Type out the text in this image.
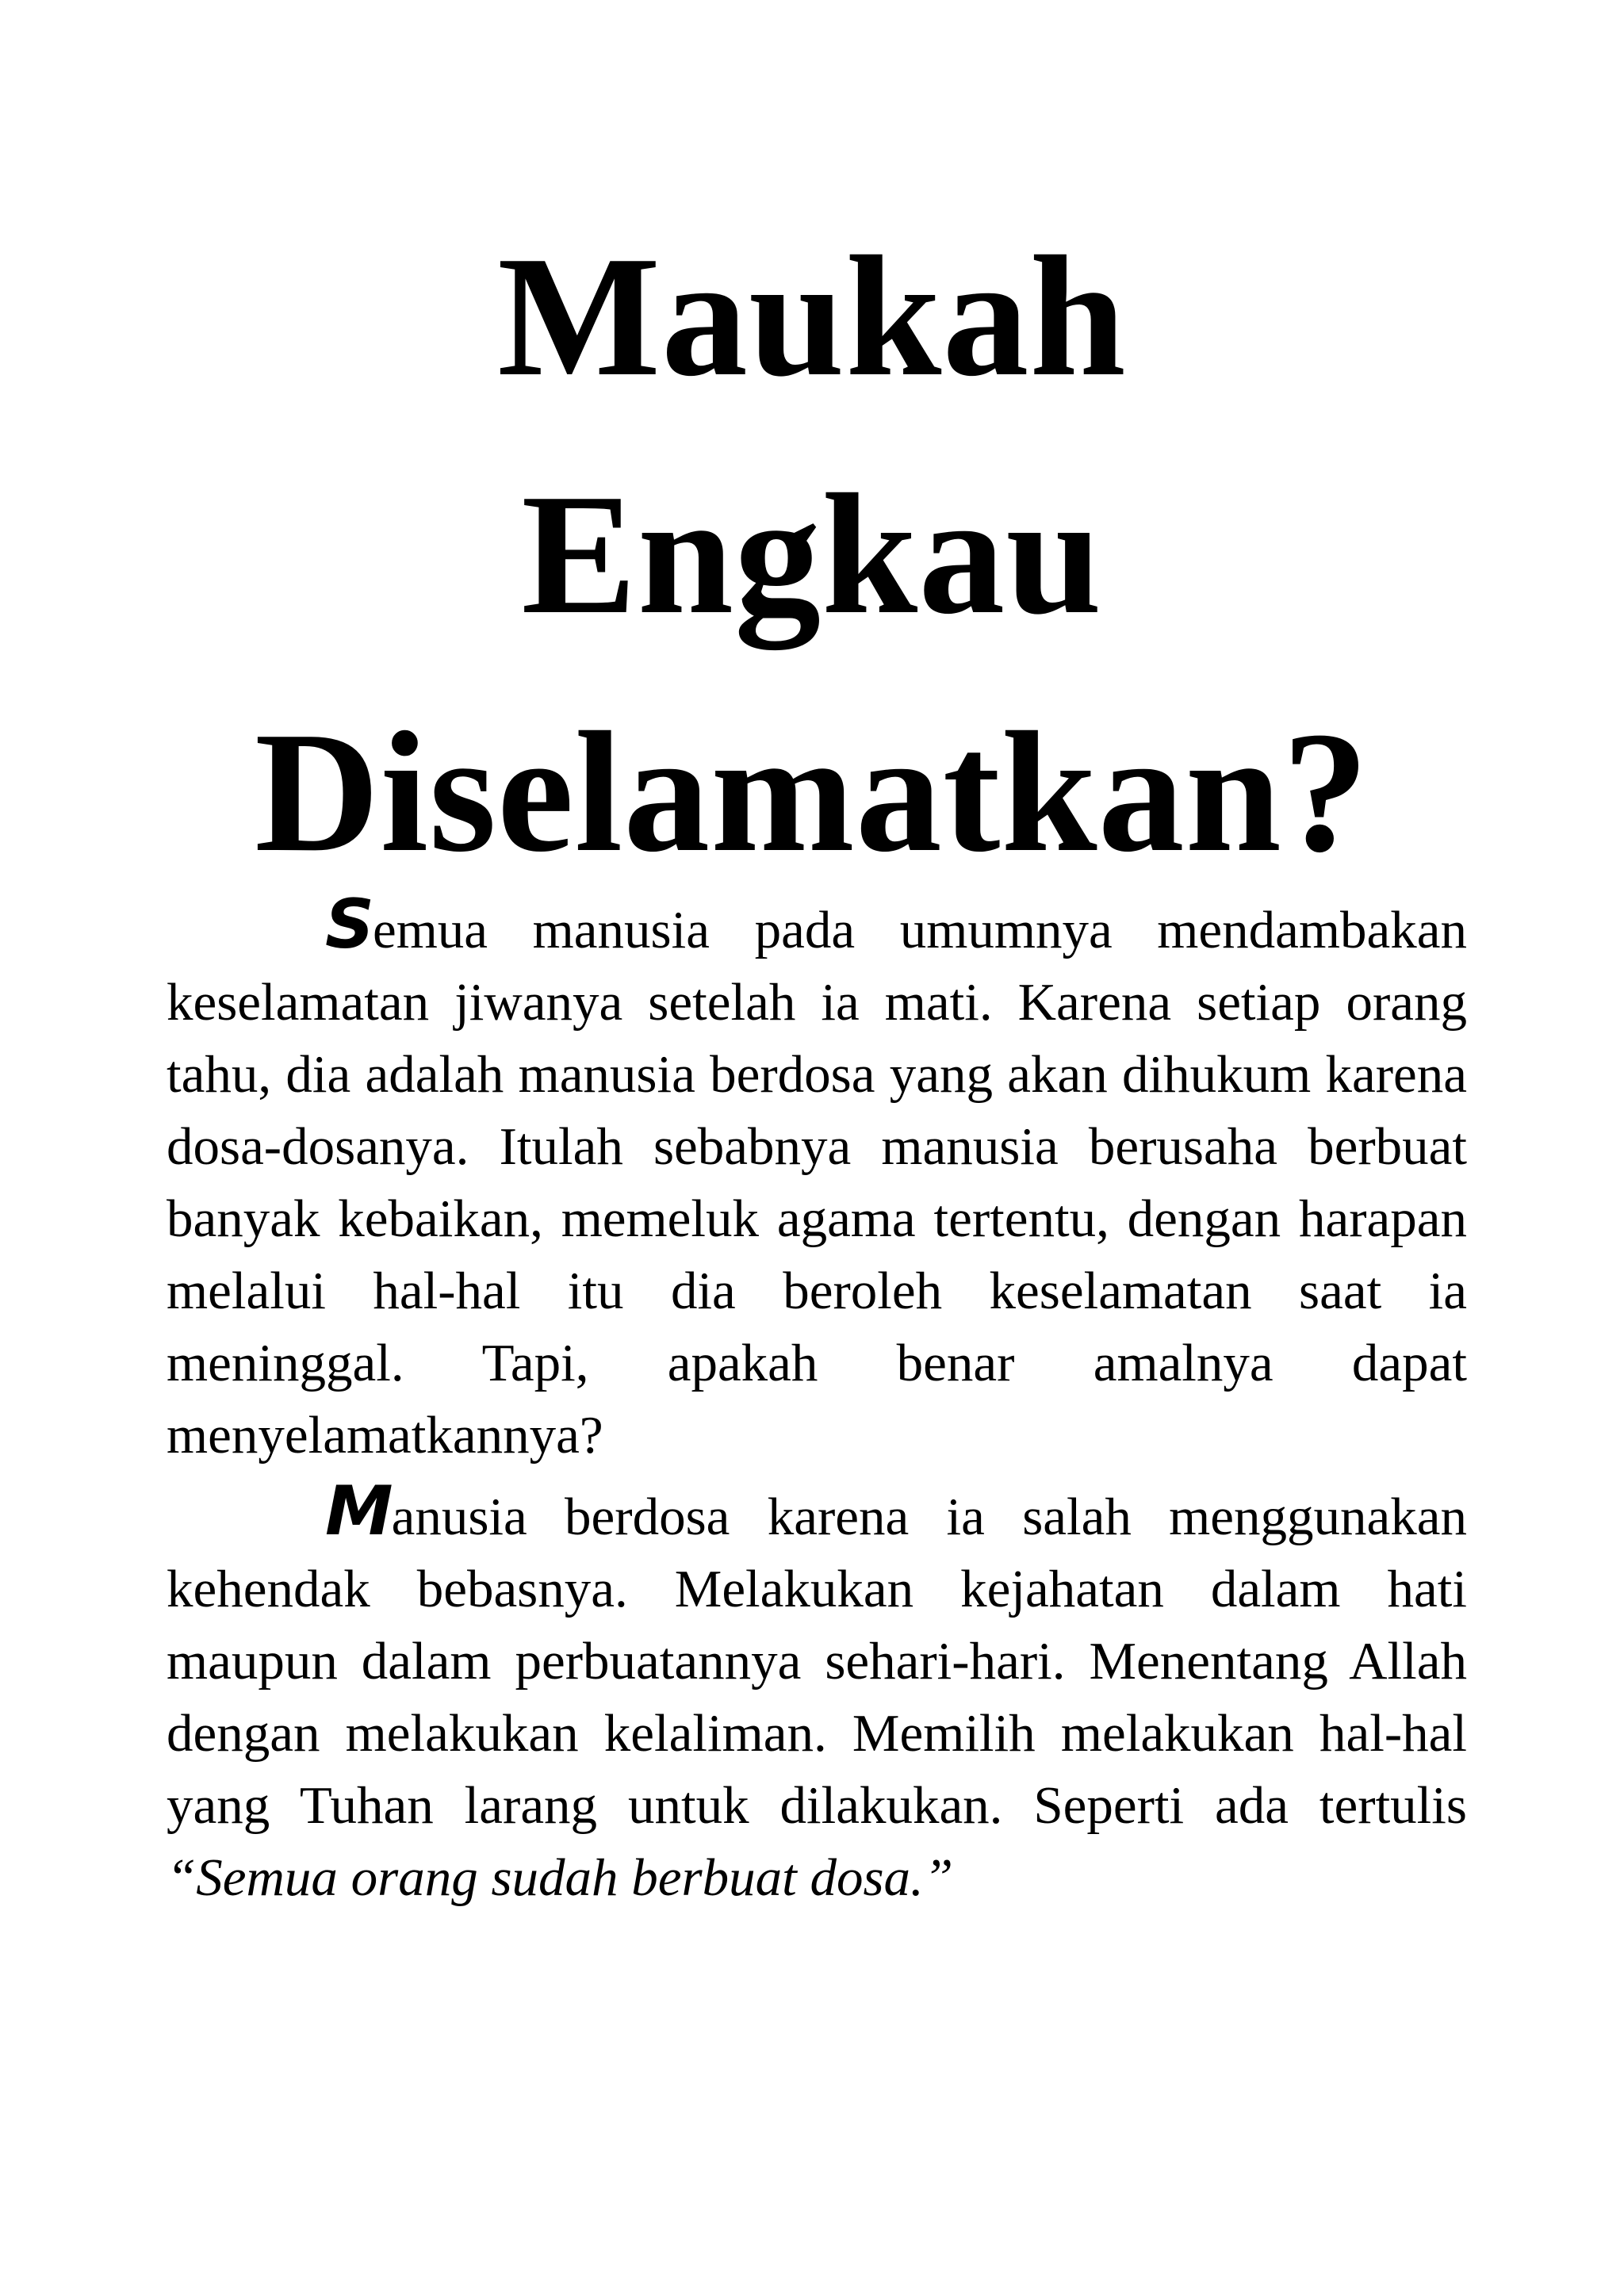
Maukah
Engkau
Diselamatkan?

Semua manusia pada umumnya mendambakan keselamatan jiwanya setelah ia mati. Karena setiap orang tahu, dia adalah manusia berdosa yang akan dihukum karena dosa-dosanya. Itulah sebabnya manusia berusaha berbuat banyak kebaikan, memeluk agama tertentu, dengan harapan melalui hal-hal itu dia beroleh keselamatan saat ia meninggal. Tapi, apakah benar amalnya dapat menyelamatkannya?

Manusia berdosa karena ia salah menggunakan kehendak bebasnya. Melakukan kejahatan dalam hati maupun dalam perbuatannya sehari-hari. Menentang Allah dengan melakukan kelaliman. Memilih melakukan hal-hal yang Tuhan larang untuk dilakukan. Seperti ada tertulis “Semua orang sudah berbuat dosa.”
